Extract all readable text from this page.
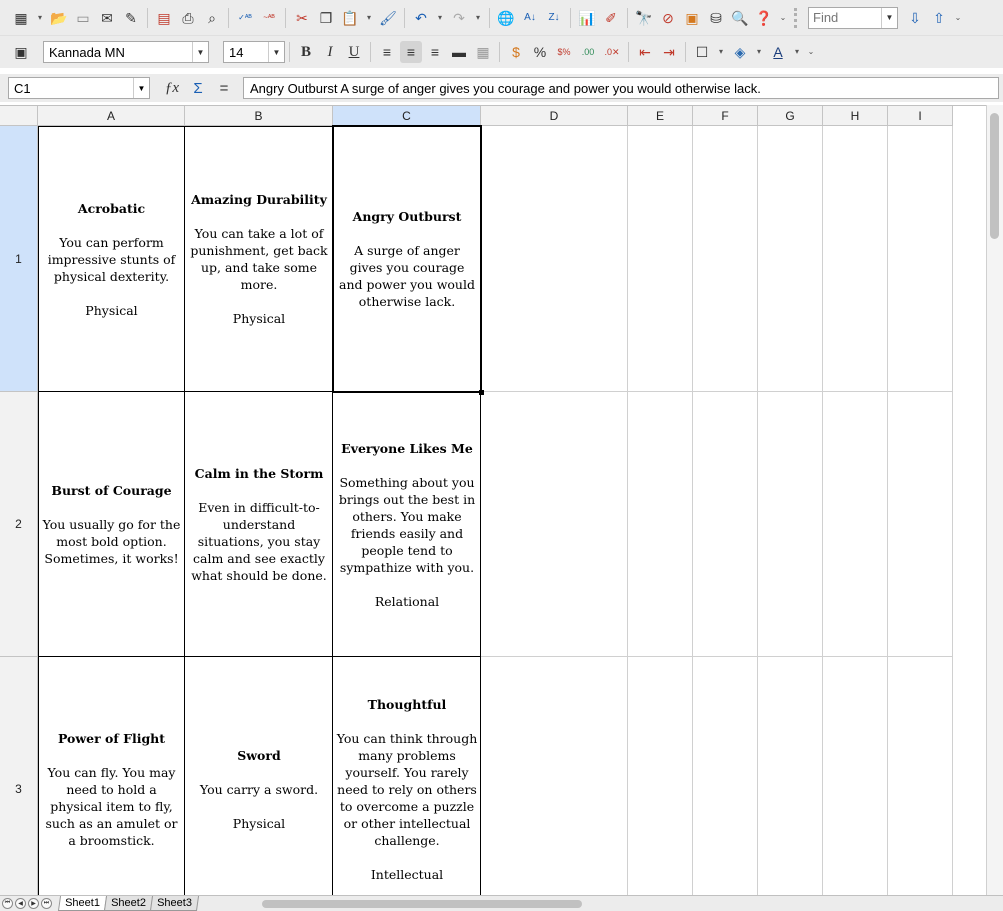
▦	▾ 📂 ▭ ✉ ✎	▤ ⎙	⌕	✓ᴬᴮ	~ᴬᴮ	✂ ❐ 📋	▾ 🖌	↶	▾ ↷	▾ 🌐 A↓	Z↓	📊 ✐	🔭 ⊘ ▣ ⛁ 🔍 ❓ ⌄ Find	▼	⇩ ⇧	⌄
▣	Kannada MN	▼ 14	▼	B	I	U	≡	≡	≡ ▬ ▦	$ %	$%	.00	.0✕	⇤ ⇥	☐	▾ ◈	▾ A	▾	⌄
C1	▼ ƒx Σ	=	Angry Outburst A surge of anger gives you courage and power you would otherwise lack.
A	B	C	D	E	F	G	H	I
1
Acrobatic
You can perform impressive stunts of physical dexterity.
Physical
Amazing Durability
You can take a lot of punishment, get back up, and take some more.
Physical
Angry Outburst
A surge of anger gives you courage and power you would otherwise lack.
2
Burst of Courage
You usually go for the most bold option. Sometimes, it works!
Calm in the Storm
Even in difficult-to-understand situations, you stay calm and see exactly what should be done.
Everyone Likes Me
Something about you brings out the best in others. You make friends easily and people tend to sympathize with you.
Relational
3
Power of Flight
You can fly. You may need to hold a physical item to fly, such as an amulet or a broomstick.
Sword
You carry a sword.
Physical
Thoughtful
You can think through many problems yourself. You rarely need to rely on others to overcome a puzzle or other intellectual challenge.
Intellectual
⏮	◀	▶	⏭ Sheet1 Sheet2 Sheet3
